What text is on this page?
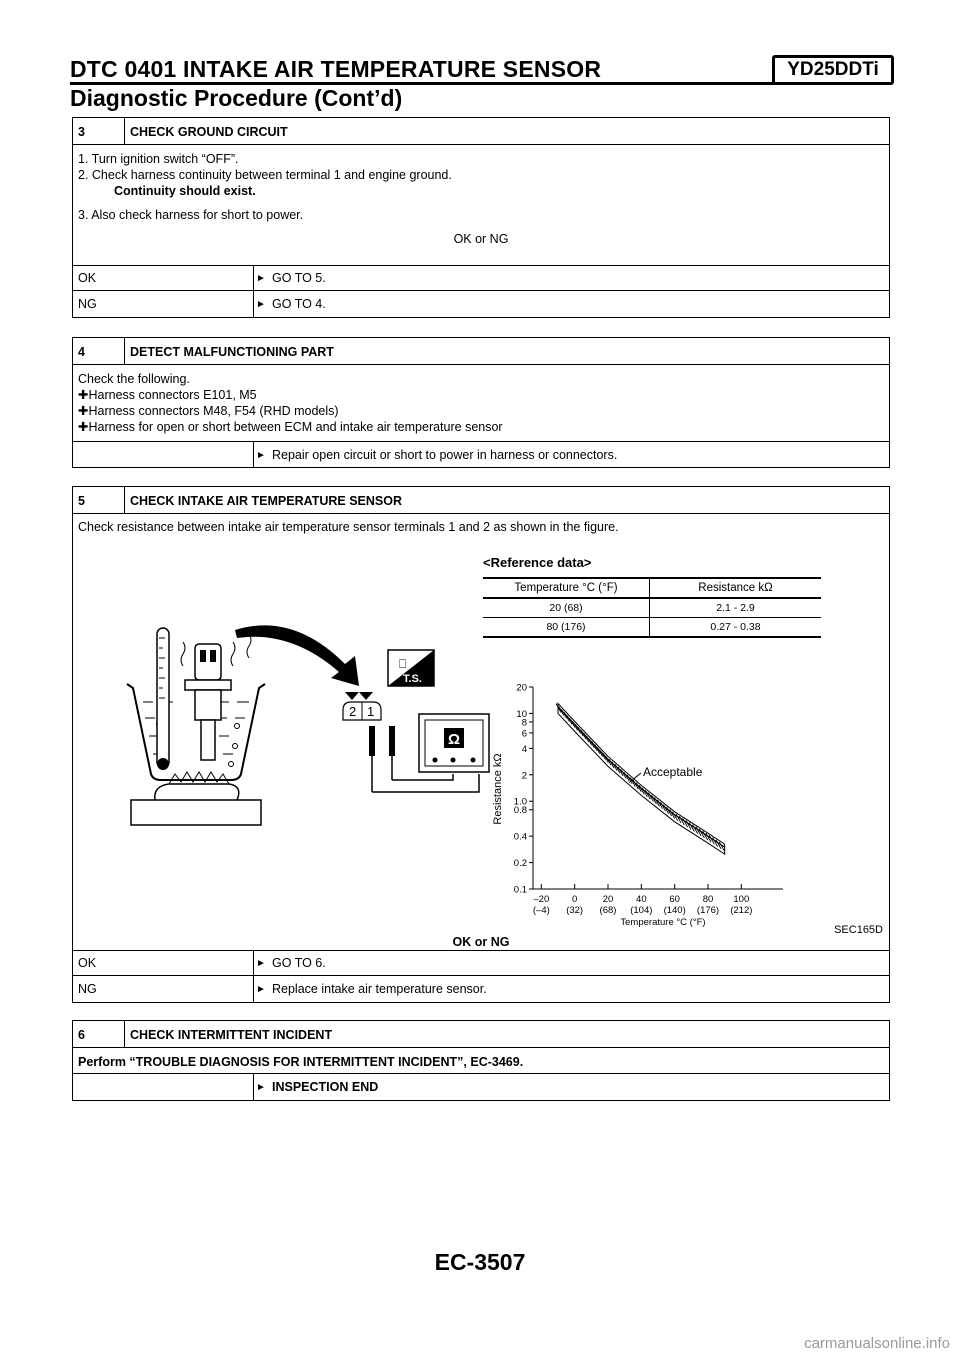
DTC 0401 INTAKE AIR TEMPERATURE SENSOR	YD25DDTi
Diagnostic Procedure (Cont’d)
3	CHECK GROUND CIRCUIT
1. Turn ignition switch “OFF”.
2. Check harness continuity between terminal 1 and engine ground.
Continuity should exist.
3. Also check harness for short to power.
OK or NG
OK	► GO TO 5.
NG	► GO TO 4.
4	DETECT MALFUNCTIONING PART
Check the following.
✚Harness connectors E101, M5
✚Harness connectors M48, F54 (RHD models)
✚Harness for open or short between ECM and intake air temperature sensor
► Repair open circuit or short to power in harness or connectors.
5	CHECK INTAKE AIR TEMPERATURE SENSOR
Check resistance between intake air temperature sensor terminals 1 and 2 as shown in the figure.
⎕
T.S.
2 1
Ω
<Reference data>
Temperature °C (°F)	Resistance kΩ
20 (68)	2.1 - 2.9
80 (176)	0.27 - 0.38
0.1
0.2
0.4
0.8
1.0
2
4
6
8
10
20
–20
(–4)
0
(32)
20
(68)
40
(104)
60
(140)
80
(176)
100
(212)
Acceptable
Temperature °C (°F)
Resistance kΩ
SEC165D
OK or NG
OK	► GO TO 6.
NG	► Replace intake air temperature sensor.
6	CHECK INTERMITTENT INCIDENT
Perform “TROUBLE DIAGNOSIS FOR INTERMITTENT INCIDENT”, EC-3469.
► INSPECTION END
EC-3507
carmanualsonline.info
